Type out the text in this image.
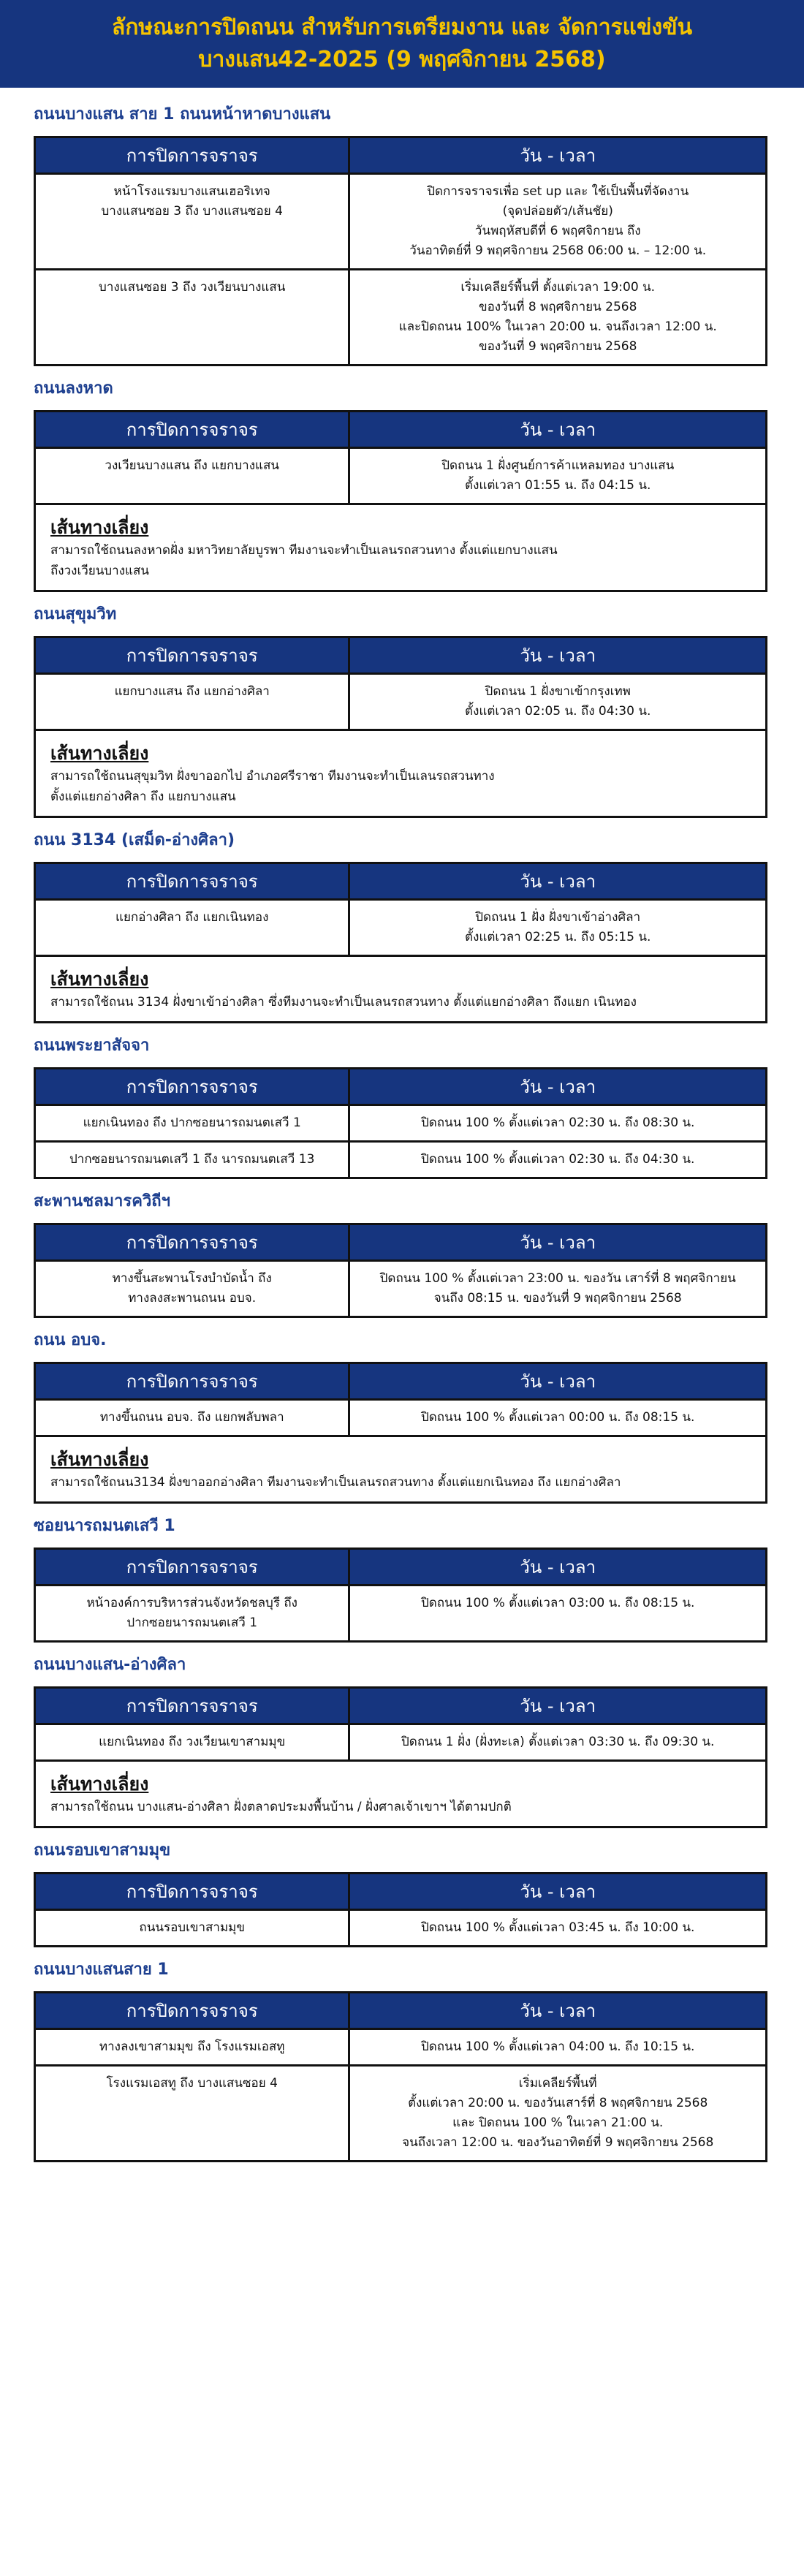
ลักษณะการปิดถนน สำหรับการเตรียมงาน และ จัดการแข่งขัน
บางแสน42-2025 (9 พฤศจิกายน 2568)
ถนนบางแสน สาย 1 ถนนหน้าหาดบางแสน
การปิดการจราจร	วัน - เวลา
หน้าโรงแรมบางแสนเฮอริเทจ
บางแสนซอย 3 ถึง บางแสนซอย 4	ปิดการจราจรเพื่อ set up และ ใช้เป็นพื้นที่จัดงาน
(จุดปล่อยตัว/เส้นชัย)
วันพฤหัสบดีที่ 6 พฤศจิกายน ถึง
วันอาทิตย์ที่ 9 พฤศจิกายน 2568 06:00 น. – 12:00 น.
บางแสนซอย 3 ถึง วงเวียนบางแสน	เริ่มเคลียร์พื้นที่ ตั้งแต่เวลา 19:00 น.
ของวันที่ 8 พฤศจิกายน 2568
และปิดถนน 100% ในเวลา 20:00 น. จนถึงเวลา 12:00 น.
ของวันที่ 9 พฤศจิกายน 2568
ถนนลงหาด
การปิดการจราจร	วัน - เวลา
วงเวียนบางแสน ถึง แยกบางแสน	ปิดถนน 1 ฝั่งศูนย์การค้าแหลมทอง บางแสน
ตั้งแต่เวลา 01:55 น. ถึง 04:15 น.
เส้นทางเลี่ยง
สามารถใช้ถนนลงหาดฝั่ง มหาวิทยาลัยบูรพา ทีมงานจะทำเป็นเลนรถสวนทาง ตั้งแต่แยกบางแสน
ถึงวงเวียนบางแสน	
ถนนสุขุมวิท
การปิดการจราจร	วัน - เวลา
แยกบางแสน ถึง แยกอ่างศิลา	ปิดถนน 1 ฝั่งขาเข้ากรุงเทพ
ตั้งแต่เวลา 02:05 น. ถึง 04:30 น.
เส้นทางเลี่ยง
สามารถใช้ถนนสุขุมวิท ฝั่งขาออกไป อำเภอศรีราชา ทีมงานจะทำเป็นเลนรถสวนทาง
ตั้งแต่แยกอ่างศิลา ถึง แยกบางแสน	
ถนน 3134 (เสม็ด-อ่างศิลา)
การปิดการจราจร	วัน - เวลา
แยกอ่างศิลา ถึง แยกเนินทอง	ปิดถนน 1 ฝั่ง ฝั่งขาเข้าอ่างศิลา
ตั้งแต่เวลา 02:25 น. ถึง 05:15 น.
เส้นทางเลี่ยง
สามารถใช้ถนน 3134 ฝั่งขาเข้าอ่างศิลา ซึ่งทีมงานจะทำเป็นเลนรถสวนทาง ตั้งแต่แยกอ่างศิลา ถึงแยก เนินทอง	
ถนนพระยาสัจจา
การปิดการจราจร	วัน - เวลา
แยกเนินทอง ถึง ปากซอยนารถมนตเสวี 1	ปิดถนน 100 % ตั้งแต่เวลา 02:30 น. ถึง 08:30 น.
ปากซอยนารถมนตเสวี 1 ถึง นารถมนตเสวี 13	ปิดถนน 100 % ตั้งแต่เวลา 02:30 น. ถึง 04:30 น.
สะพานชลมารควิถีฯ
การปิดการจราจร	วัน - เวลา
ทางขึ้นสะพานโรงบำบัดน้ำ ถึง
ทางลงสะพานถนน อบจ.	ปิดถนน 100 % ตั้งแต่เวลา 23:00 น. ของวัน เสาร์ที่ 8 พฤศจิกายน
จนถึง 08:15 น. ของวันที่ 9 พฤศจิกายน 2568
ถนน อบจ.
การปิดการจราจร	วัน - เวลา
ทางขึ้นถนน อบจ. ถึง แยกพลับพลา	ปิดถนน 100 % ตั้งแต่เวลา 00:00 น. ถึง 08:15 น.
เส้นทางเลี่ยง
สามารถใช้ถนน3134 ฝั่งขาออกอ่างศิลา ทีมงานจะทำเป็นเลนรถสวนทาง ตั้งแต่แยกเนินทอง ถึง แยกอ่างศิลา	
ซอยนารถมนตเสวี 1
การปิดการจราจร	วัน - เวลา
หน้าองค์การบริหารส่วนจังหวัดชลบุรี ถึง
ปากซอยนารถมนตเสวี 1	ปิดถนน 100 % ตั้งแต่เวลา 03:00 น. ถึง 08:15 น.
ถนนบางแสน-อ่างศิลา
การปิดการจราจร	วัน - เวลา
แยกเนินทอง ถึง วงเวียนเขาสามมุข	ปิดถนน 1 ฝั่ง (ฝั่งทะเล) ตั้งแต่เวลา 03:30 น. ถึง 09:30 น.
เส้นทางเลี่ยง
สามารถใช้ถนน บางแสน-อ่างศิลา ฝั่งตลาดประมงพื้นบ้าน / ฝั่งศาลเจ้าเขาฯ ได้ตามปกติ	
ถนนรอบเขาสามมุข
การปิดการจราจร	วัน - เวลา
ถนนรอบเขาสามมุข	ปิดถนน 100 % ตั้งแต่เวลา 03:45 น. ถึง 10:00 น.
ถนนบางแสนสาย 1
การปิดการจราจร	วัน - เวลา
ทางลงเขาสามมุข ถึง โรงแรมเอสทู	ปิดถนน 100 % ตั้งแต่เวลา 04:00 น. ถึง 10:15 น.
โรงแรมเอสทู ถึง บางแสนซอย 4	เริ่มเคลียร์พื้นที่
ตั้งแต่เวลา 20:00 น. ของวันเสาร์ที่ 8 พฤศจิกายน 2568
และ ปิดถนน 100 % ในเวลา 21:00 น.
จนถึงเวลา 12:00 น. ของวันอาทิตย์ที่ 9 พฤศจิกายน 2568
